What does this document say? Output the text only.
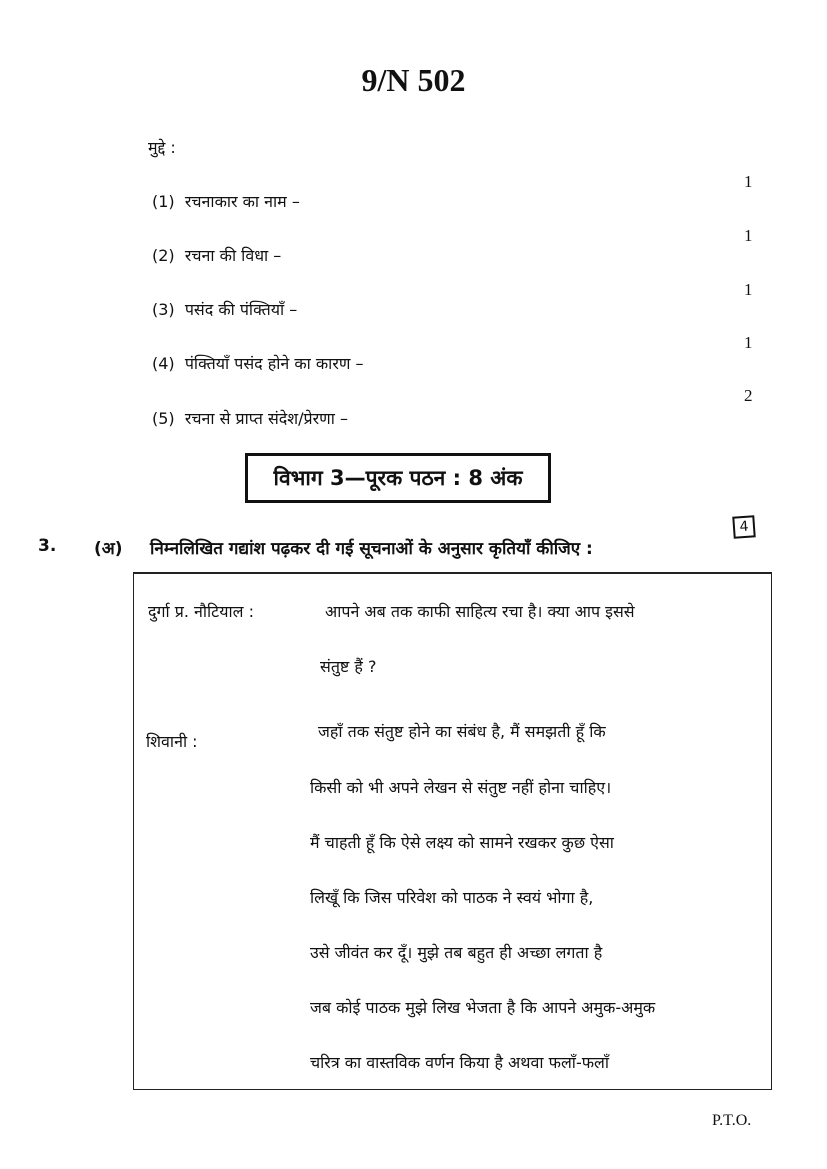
9/N 502
मुद्दे :
(1) रचनाकार का नाम –
1
(2) रचना की विधा –
1
(3) पसंद की पंक्तियाँ –
1
(4) पंक्तियाँ पसंद होने का कारण –
1
(5) रचना से प्राप्त संदेश/प्रेरणा –
2
विभाग 3—पूरक पठन : 8 अंक
3. (अ) निम्नलिखित गद्यांश पढ़कर दी गई सूचनाओं के अनुसार कृतियाँ कीजिए :
4
दुर्गा प्र. नौटियाल :	आपने अब तक काफी साहित्य रचा है। क्या आप इससे
संतुष्ट हैं ?
शिवानी :
जहाँ तक संतुष्ट होने का संबंध है, मैं समझती हूँ कि
किसी को भी अपने लेखन से संतुष्ट नहीं होना चाहिए।
मैं चाहती हूँ कि ऐसे लक्ष्य को सामने रखकर कुछ ऐसा
लिखूँ कि जिस परिवेश को पाठक ने स्वयं भोगा है,
उसे जीवंत कर दूँ। मुझे तब बहुत ही अच्छा लगता है
जब कोई पाठक मुझे लिख भेजता है कि आपने अमुक-अमुक
चरित्र का वास्तविक वर्णन किया है अथवा फलाँ-फलाँ
P.T.O.
